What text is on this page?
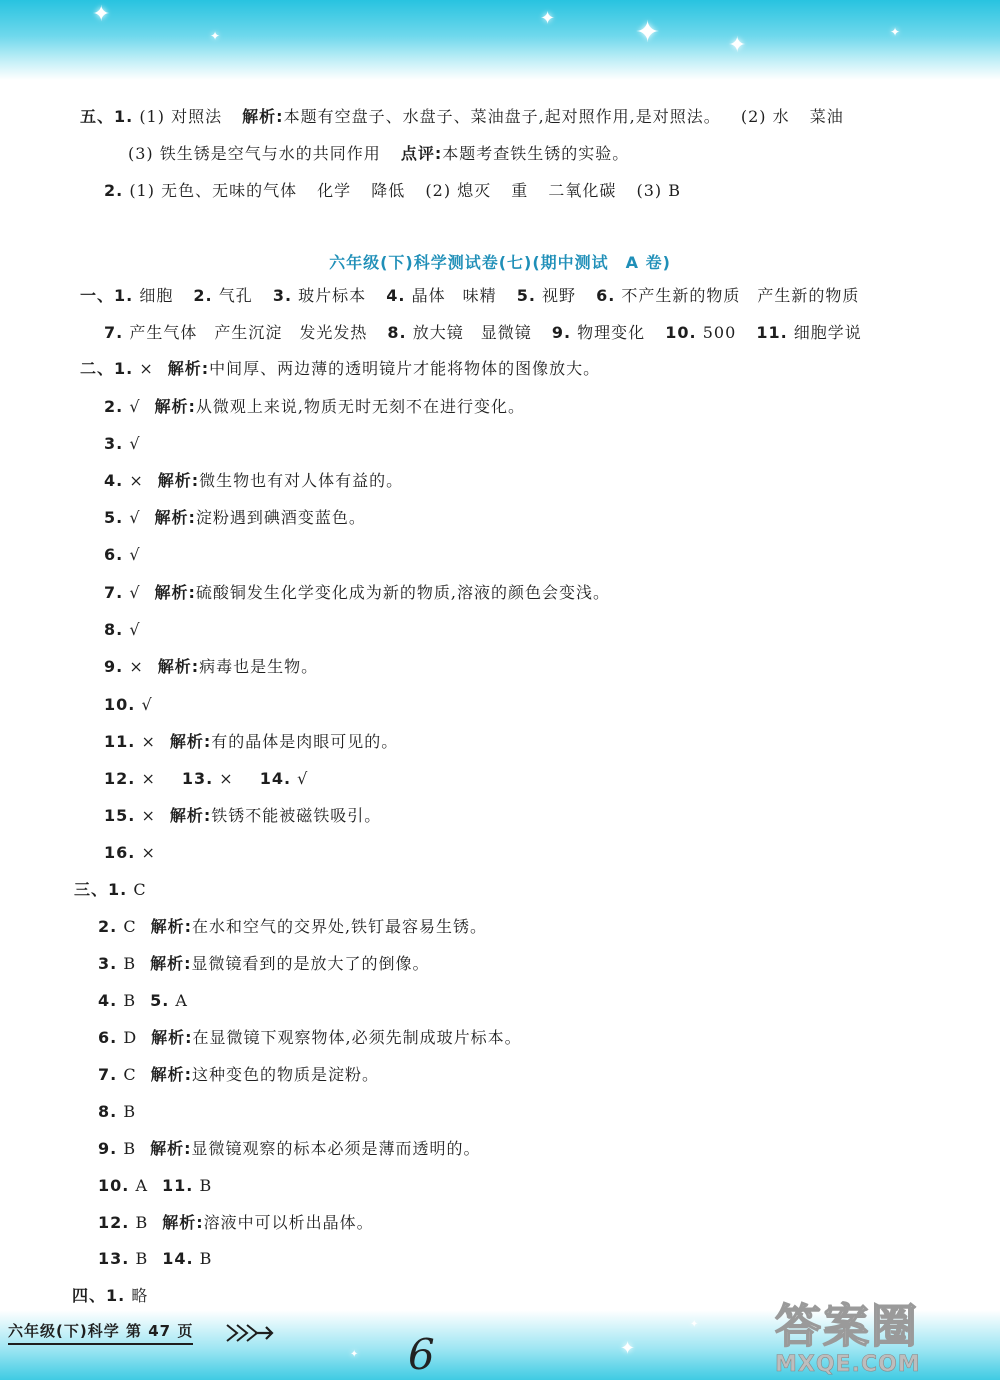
✦
✦
✦	✦	✦
✦
五、1. (1) 对照法 解析:本题有空盘子、水盘子、菜油盘子,起对照作用,是对照法。 (2) 水 菜油
(3) 铁生锈是空气与水的共同作用 点评:本题考查铁生锈的实验。
2. (1) 无色、无味的气体 化学 降低 (2) 熄灭 重 二氧化碳 (3) B
六年级(下)科学测试卷(七)(期中测试　A 卷)
一、1. 细胞 2. 气孔 3. 玻片标本 4. 晶体　味精 5. 视野 6. 不产生新的物质　产生新的物质
7. 产生气体　产生沉淀　发光发热 8. 放大镜　显微镜 9. 物理变化 10. 500 11. 细胞学说
二、1. × 解析:中间厚、两边薄的透明镜片才能将物体的图像放大。
2. √ 解析:从微观上来说,物质无时无刻不在进行变化。
3. √
4. × 解析:微生物也有对人体有益的。
5. √ 解析:淀粉遇到碘酒变蓝色。
6. √
7. √ 解析:硫酸铜发生化学变化成为新的物质,溶液的颜色会变浅。
8. √
9. × 解析:病毒也是生物。
10. √
11. × 解析:有的晶体是肉眼可见的。
12. × 13. × 14. √
15. × 解析:铁锈不能被磁铁吸引。
16. ×
三、1. C
2. C 解析:在水和空气的交界处,铁钉最容易生锈。
3. B 解析:显微镜看到的是放大了的倒像。
4. B 5. A
6. D 解析:在显微镜下观察物体,必须先制成玻片标本。
7. C 解析:这种变色的物质是淀粉。
8. B
9. B 解析:显微镜观察的标本必须是薄而透明的。
10. A 11. B
12. B 解析:溶液中可以析出晶体。
13. B 14. B
四、1. 略
✦
✦
✦
六年级(下)科学 第 47 页	6
答案圈
MXQE.COM
